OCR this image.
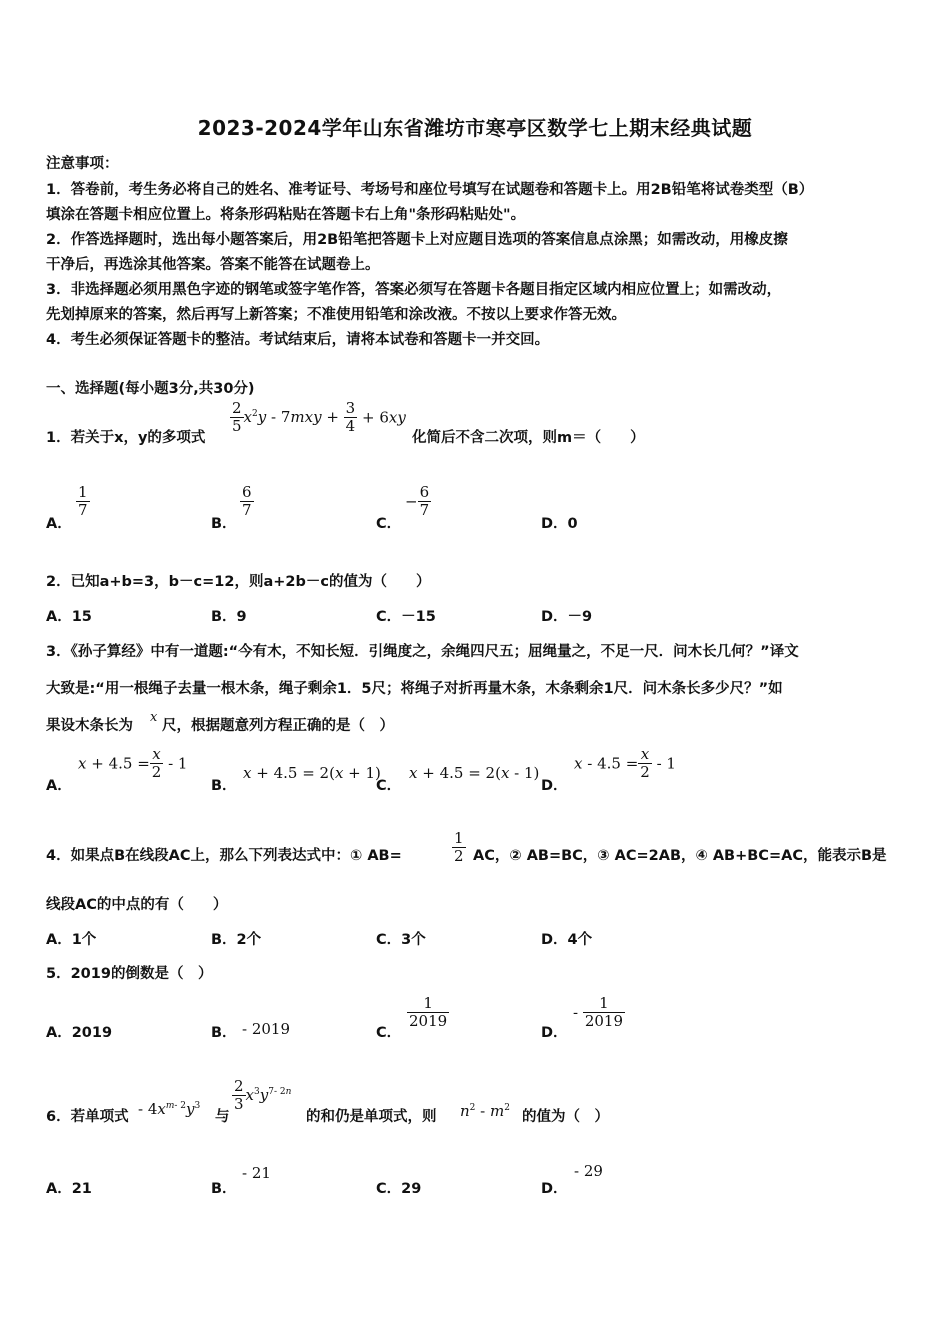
2023-2024学年山东省潍坊市寒亭区数学七上期末经典试题
注意事项：
1．答卷前，考生务必将自己的姓名、准考证号、考场号和座位号填写在试题卷和答题卡上。用2B铅笔将试卷类型（B）
填涂在答题卡相应位置上。将条形码粘贴在答题卡右上角"条形码粘贴处"。
2．作答选择题时，选出每小题答案后，用2B铅笔把答题卡上对应题目选项的答案信息点涂黑；如需改动，用橡皮擦
干净后，再选涂其他答案。答案不能答在试题卷上。
3．非选择题必须用黑色字迹的钢笔或签字笔作答，答案必须写在答题卡各题目指定区域内相应位置上；如需改动，
先划掉原来的答案，然后再写上新答案；不准使用铅笔和涂改液。不按以上要求作答无效。
4．考生必须保证答题卡的整洁。考试结束后，请将本试卷和答题卡一并交回。
一、选择题(每小题3分,共30分)
1．若关于x，y的多项式
$\frac{2}{5} x^2y - 7mxy + \frac{3}{4} + 6xy$
化简后不含二次项，则m＝（　　）
A．
$\frac{1}{7}$
B．
$\frac{6}{7}$
C．
− $\frac{6}{7}$
D．0
2．已知a+b=3，b－c=12，则a+2b－c的值为（　　）
A．15	B．9	C．－15	D．－9
3．《孙子算经》中有一道题:“今有木，不知长短．引绳度之，余绳四尺五；屈绳量之，不足一尺．问木长几何？”译文
大致是:“用一根绳子去量一根木条，绳子剩余1．5尺；将绳子对折再量木条，木条剩余1尺．问木条长多少尺？”如
果设木条长为
x
尺，根据题意列方程正确的是（　）
A．
$x + 4.5 = \frac{x}{2} - 1$
B．
x + 4.5 = 2(x + 1)
C．
x + 4.5 = 2(x - 1)
D．
$x - 4.5 = \frac{x}{2} - 1$
4．如果点B在线段AC上，那么下列表达式中：① AB=	$\frac{1}{2}$ AC，② AB=BC，③ AC=2AB，④ AB+BC=AC，能表示B是
线段AC的中点的有（　　）
A．1个	B．2个	C．3个	D．4个
5．2019的倒数是（　）
A．2019	B． - 2019	C．
$\frac{1}{2019}$
D．
- $\frac{1}{2019}$
6．若单项式 - $4x^{m- 2}y^3$
与
$\frac{2}{3} x^3y^{7- 2n}$
的和仍是单项式，则 $n^2 - m^2$
的值为（　）
A．21	B．
- 21
C．29	D．
- 29
